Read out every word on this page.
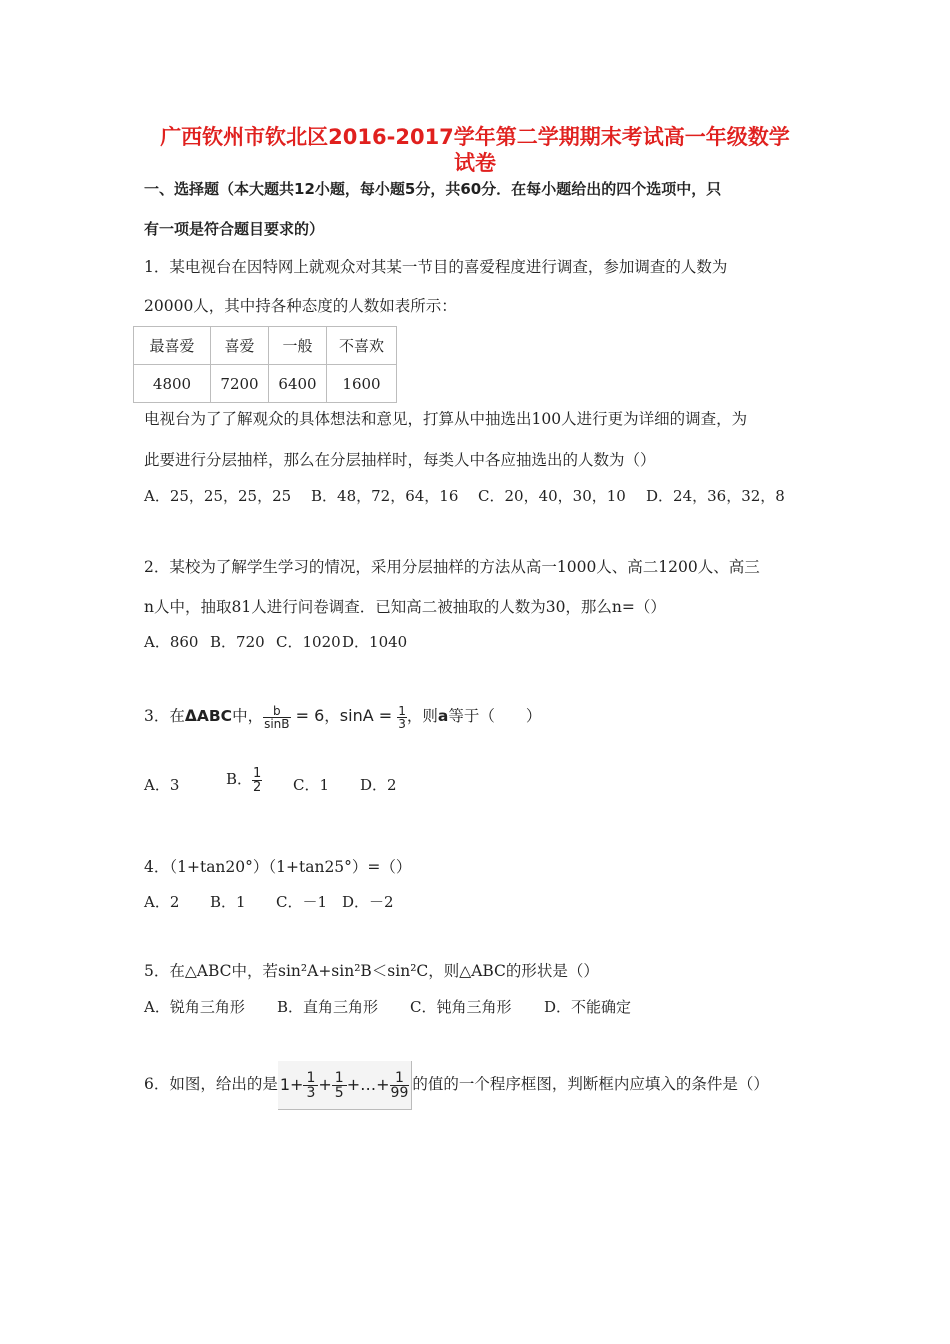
广西钦州市钦北区2016-2017学年第二学期期末考试高一年级数学
试卷
一、选择题（本大题共12小题，每小题5分，共60分．在每小题给出的四个选项中，只
有一项是符合题目要求的）
1．某电视台在因特网上就观众对其某一节目的喜爱程度进行调查，参加调查的人数为
20000人，其中持各种态度的人数如表所示：
最喜爱	喜爱	一般	不喜欢
4800	7200	6400	1600
电视台为了了解观众的具体想法和意见，打算从中抽选出100人进行更为详细的调查，为
此要进行分层抽样，那么在分层抽样时，每类人中各应抽选出的人数为（）
A．25，25，25，25 B．48，72，64，16 C．20，40，30，10 D．24，36，32，8
2．某校为了解学生学习的情况，采用分层抽样的方法从高一1000人、高二1200人、高三
n人中，抽取81人进行问卷调查．已知高二被抽取的人数为30，那么n=（）
A．860 B．720 C．1020 D．1040
3．在ΔABC中， $\frac{b}{\sin B} = 6$，$\sin A = \frac{1}{3}$ ，则a等于（　　）
A．3	B． $\frac{1}{2}$ C．1 D．2
4．（1+tan20°）（1+tan25°）=（）
A．2 B．1 C．－1 D．－2
5．在△ABC中，若sin²A+sin²B＜sin²C，则△ABC的形状是（）
A．锐角三角形 B．直角三角形 C．钝角三角形 D．不能确定
6．如图，给出的是 $1+ \frac{1}{3} + \frac{1}{5}$ +…+ $\frac{1}{99}$ 的值的一个程序框图，判断框内应填入的条件是（）
